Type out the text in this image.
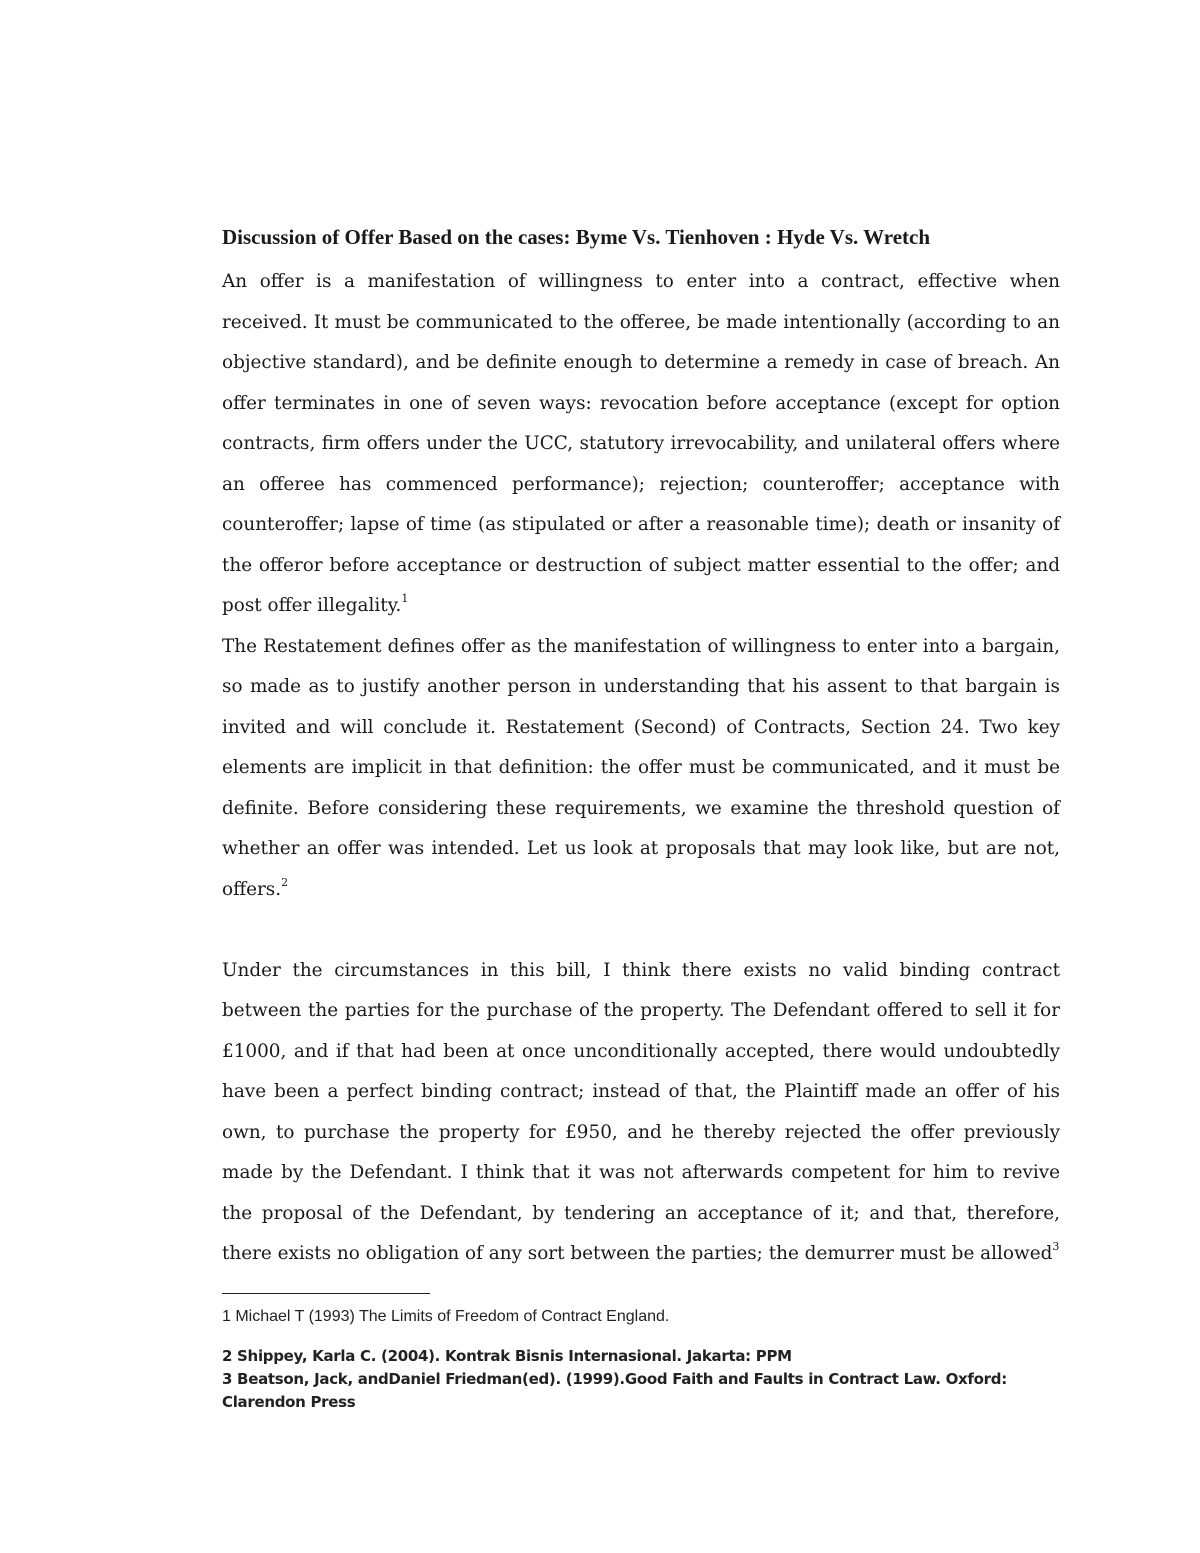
Discussion of Offer Based on the cases: Byme Vs. Tienhoven : Hyde Vs. Wretch

An offer is a manifestation of willingness to enter into a contract, effective when received. It must be communicated to the offeree, be made intentionally (according to an objective standard), and be definite enough to determine a remedy in case of breach. An offer terminates in one of seven ways: revocation before acceptance (except for option contracts, firm offers under the UCC, statutory irrevocability, and unilateral offers where an offeree has commenced performance); rejection; counteroffer; acceptance with counteroffer; lapse of time (as stipulated or after a reasonable time); death or insanity of the offeror before acceptance or destruction of subject matter essential to the offer; and post offer illegality.$^1$

The Restatement defines offer as the manifestation of willingness to enter into a bargain, so made as to justify another person in understanding that his assent to that bargain is invited and will conclude it. Restatement (Second) of Contracts, Section 24. Two key elements are implicit in that definition: the offer must be communicated, and it must be definite. Before considering these requirements, we examine the threshold question of whether an offer was intended. Let us look at proposals that may look like, but are not, offers.$^2$

Under the circumstances in this bill, I think there exists no valid binding contract between the parties for the purchase of the property. The Defendant offered to sell it for £1000, and if that had been at once unconditionally accepted, there would undoubtedly have been a perfect binding contract; instead of that, the Plaintiff made an offer of his own, to purchase the property for £950, and he thereby rejected the offer previously made by the Defendant. I think that it was not afterwards competent for him to revive the proposal of the Defendant, by tendering an acceptance of it; and that, therefore, there exists no obligation of any sort between the parties; the demurrer must be allowed$^3$

1 Michael T (1993) The Limits of Freedom of Contract England.
2 Shippey, Karla C. (2004). Kontrak Bisnis Internasional. Jakarta: PPM
3 Beatson, Jack, andDaniel Friedman(ed). (1999).Good Faith and Faults in Contract Law. Oxford: Clarendon Press
